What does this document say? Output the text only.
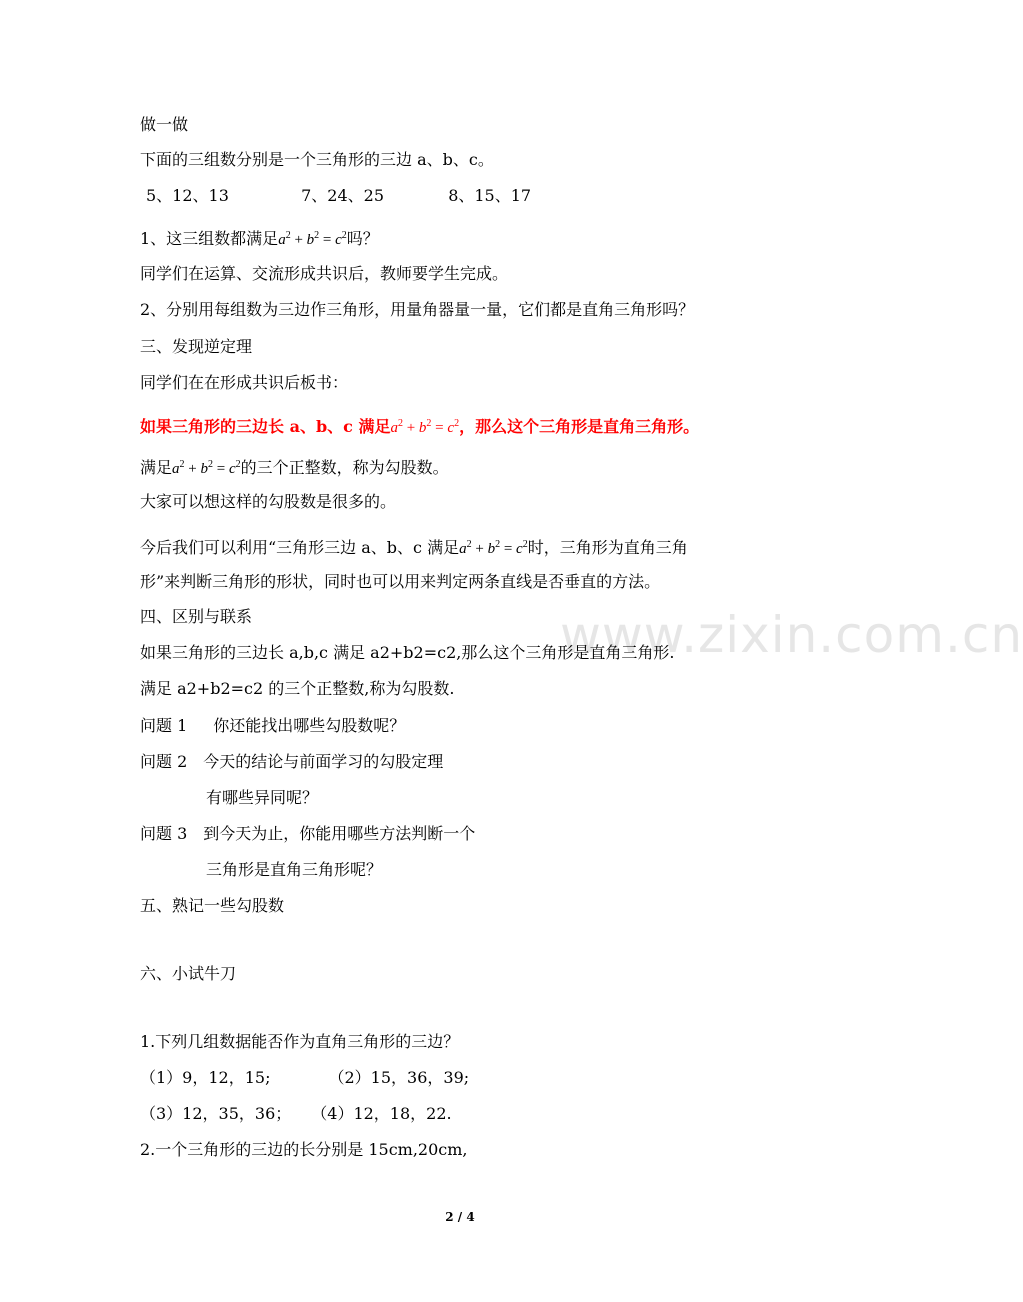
www.zixin.com.cn
做一做
下面的三组数分别是一个三角形的三边 a、b、c。
5、12、13	7、24、25	8、15、17
1、这三组数都满足$a^2 + b^2 = c^2$吗？
同学们在运算、交流形成共识后，教师要学生完成。
2、分别用每组数为三边作三角形，用量角器量一量，它们都是直角三角形吗？
三、发现逆定理
同学们在在形成共识后板书：
如果三角形的三边长 a、b、c 满足$a^2 + b^2 = c^2$，那么这个三角形是直角三角形。
满足$a^2 + b^2 = c^2$的三个正整数，称为勾股数。
大家可以想这样的勾股数是很多的。
今后我们可以利用“三角形三边 a、b、c 满足$a^2 + b^2 = c^2$时，三角形为直角三角
形”来判断三角形的形状，同时也可以用来判定两条直线是否垂直的方法。
四、区别与联系
如果三角形的三边长 a,b,c 满足 a2+b2=c2,那么这个三角形是直角三角形.
满足 a2+b2=c2 的三个正整数,称为勾股数.
问题 1 你还能找出哪些勾股数呢？
问题 2 今天的结论与前面学习的勾股定理
有哪些异同呢？
问题 3 到今天为止，你能用哪些方法判断一个
三角形是直角三角形呢？
五、熟记一些勾股数
六、小试牛刀
1.下列几组数据能否作为直角三角形的三边？
（1）9，12，15;	（2）15，36，39;
（3）12，35，36； （4）12，18，22.
2.一个三角形的三边的长分别是 15cm,20cm,
2 / 4
